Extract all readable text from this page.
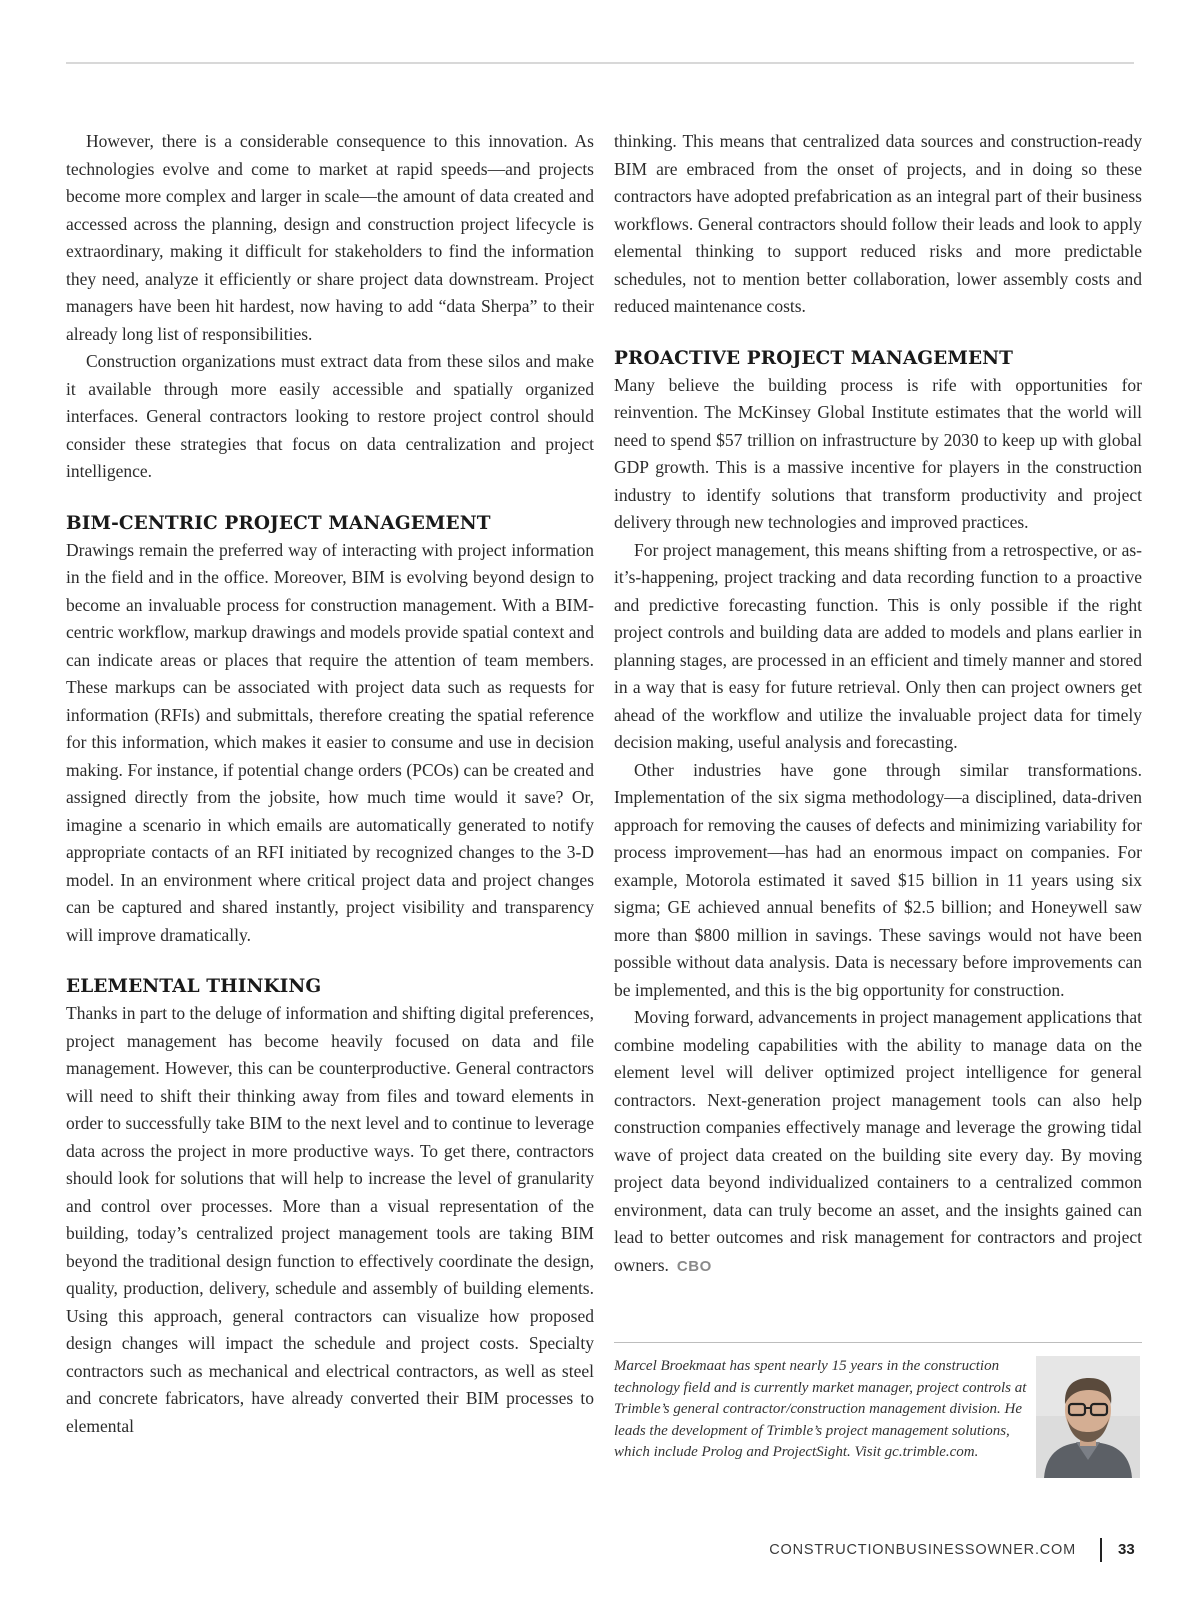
However, there is a considerable consequence to this innovation. As technologies evolve and come to market at rapid speeds—and projects become more complex and larger in scale—the amount of data created and accessed across the planning, design and construction project lifecycle is extraordinary, making it difficult for stakeholders to find the information they need, analyze it efficiently or share project data downstream. Project managers have been hit hardest, now having to add “data Sherpa” to their already long list of responsibilities.

Construction organizations must extract data from these silos and make it available through more easily accessible and spatially organized interfaces. General contractors looking to restore project control should consider these strategies that focus on data centralization and project intelligence.

BIM-CENTRIC PROJECT MANAGEMENT

Drawings remain the preferred way of interacting with project information in the field and in the office. Moreover, BIM is evolving beyond design to become an invaluable process for construction management. With a BIM-centric workflow, markup drawings and models provide spatial context and can indicate areas or places that require the attention of team members. These markups can be associated with project data such as requests for information (RFIs) and submittals, therefore creating the spatial reference for this information, which makes it easier to consume and use in decision making. For instance, if potential change orders (PCOs) can be created and assigned directly from the jobsite, how much time would it save? Or, imagine a scenario in which emails are automatically generated to notify appropriate contacts of an RFI initiated by recognized changes to the 3-D model. In an environment where critical project data and project changes can be captured and shared instantly, project visibility and transparency will improve dramatically.

ELEMENTAL THINKING

Thanks in part to the deluge of information and shifting digital preferences, project management has become heavily focused on data and file management. However, this can be counterproductive. General contractors will need to shift their thinking away from files and toward elements in order to successfully take BIM to the next level and to continue to leverage data across the project in more productive ways. To get there, contractors should look for solutions that will help to increase the level of granularity and control over processes. More than a visual representation of the building, today’s centralized project management tools are taking BIM beyond the traditional design function to effectively coordinate the design, quality, production, delivery, schedule and assembly of building elements. Using this approach, general contractors can visualize how proposed design changes will impact the schedule and project costs. Specialty contractors such as mechanical and electrical contractors, as well as steel and concrete fabricators, have already converted their BIM processes to elemental

thinking. This means that centralized data sources and construction-ready BIM are embraced from the onset of projects, and in doing so these contractors have adopted prefabrication as an integral part of their business workflows. General contractors should follow their leads and look to apply elemental thinking to support reduced risks and more predictable schedules, not to mention better collaboration, lower assembly costs and reduced maintenance costs.

PROACTIVE PROJECT MANAGEMENT

Many believe the building process is rife with opportunities for reinvention. The McKinsey Global Institute estimates that the world will need to spend $57 trillion on infrastructure by 2030 to keep up with global GDP growth. This is a massive incentive for players in the construction industry to identify solutions that transform productivity and project delivery through new technologies and improved practices.

For project management, this means shifting from a retrospective, or as-it’s-happening, project tracking and data recording function to a proactive and predictive forecasting function. This is only possible if the right project controls and building data are added to models and plans earlier in planning stages, are processed in an efficient and timely manner and stored in a way that is easy for future retrieval. Only then can project owners get ahead of the workflow and utilize the invaluable project data for timely decision making, useful analysis and forecasting.

Other industries have gone through similar transformations. Implementation of the six sigma methodology—a disciplined, data-driven approach for removing the causes of defects and minimizing variability for process improvement—has had an enormous impact on companies. For example, Motorola estimated it saved $15 billion in 11 years using six sigma; GE achieved annual benefits of $2.5 billion; and Honeywell saw more than $800 million in savings. These savings would not have been possible without data analysis. Data is necessary before improvements can be implemented, and this is the big opportunity for construction.

Moving forward, advancements in project management applications that combine modeling capabilities with the ability to manage data on the element level will deliver optimized project intelligence for general contractors. Next-generation project management tools can also help construction companies effectively manage and leverage the growing tidal wave of project data created on the building site every day. By moving project data beyond individualized containers to a centralized common environment, data can truly become an asset, and the insights gained can lead to better outcomes and risk management for contractors and project owners. CBO

Marcel Broekmaat has spent nearly 15 years in the construction technology field and is currently market manager, project controls at Trimble’s general contractor/construction management division. He leads the development of Trimble’s project management solutions, which include Prolog and ProjectSight. Visit gc.trimble.com.
CONSTRUCTIONBUSINESSOWNER.COM	33
